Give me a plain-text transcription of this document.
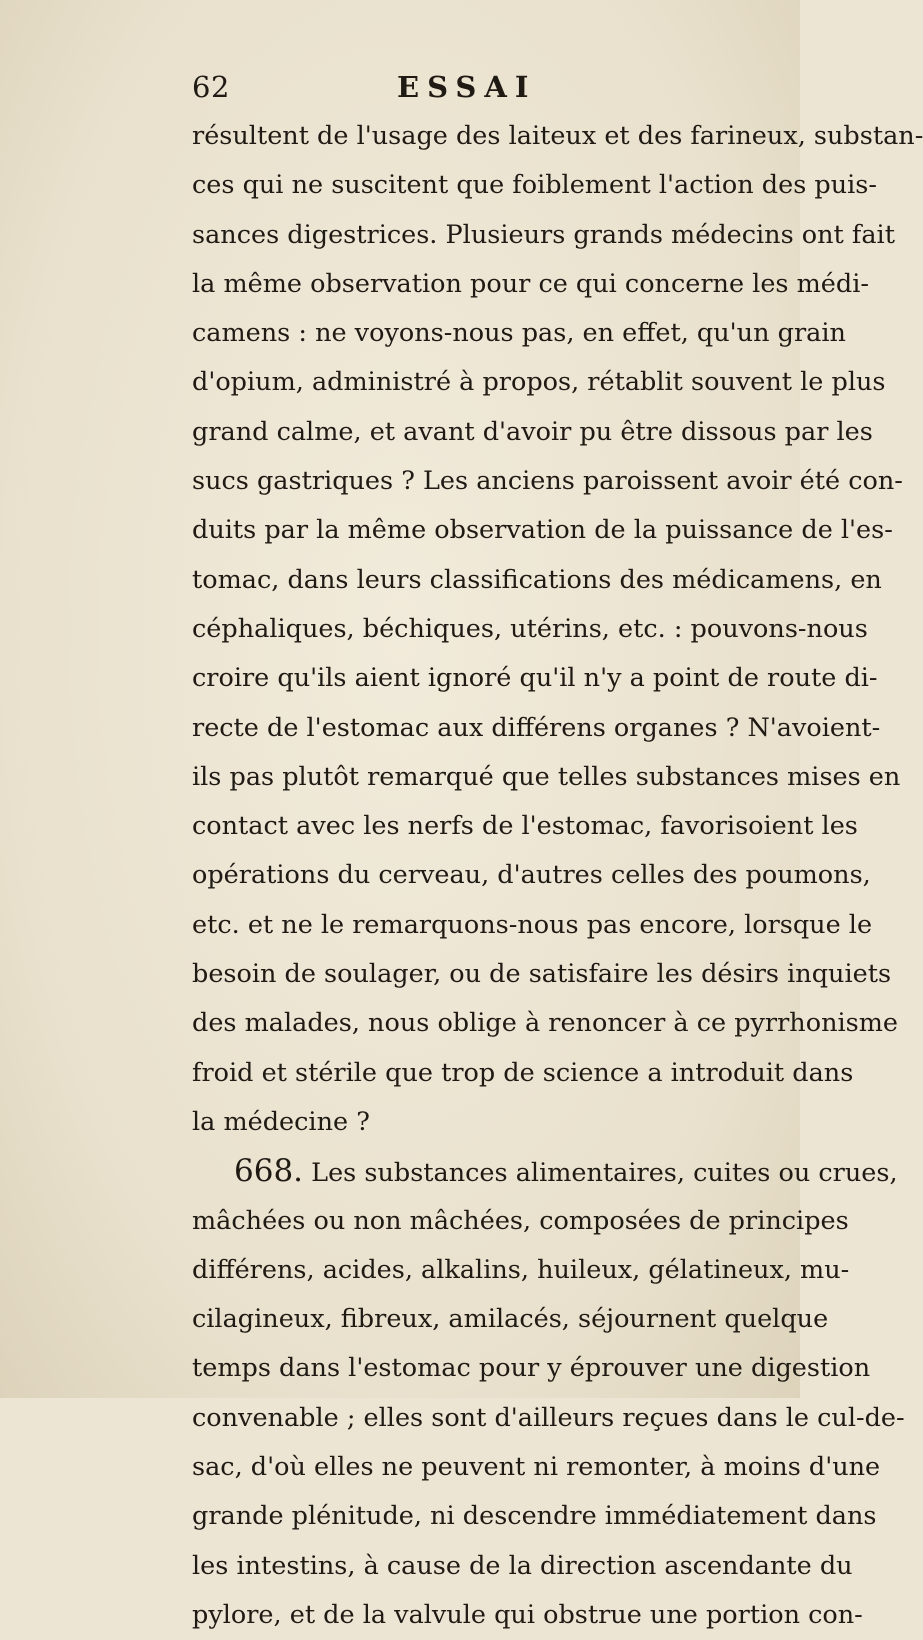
62	ESSAI
résultent de l'usage des laiteux et des farineux, substan-
ces qui ne suscitent que foiblement l'action des puis-
sances digestrices. Plusieurs grands médecins ont fait
la même observation pour ce qui concerne les médi-
camens : ne voyons-nous pas, en effet, qu'un grain
d'opium, administré à propos, rétablit souvent le plus
grand calme, et avant d'avoir pu être dissous par les
sucs gastriques ? Les anciens paroissent avoir été con-
duits par la même observation de la puissance de l'es-
tomac, dans leurs classifications des médicamens, en
céphaliques, béchiques, utérins, etc. : pouvons-nous
croire qu'ils aient ignoré qu'il n'y a point de route di-
recte de l'estomac aux différens organes ? N'avoient-
ils pas plutôt remarqué que telles substances mises en
contact avec les nerfs de l'estomac, favorisoient les
opérations du cerveau, d'autres celles des poumons,
etc. et ne le remarquons-nous pas encore, lorsque le
besoin de soulager, ou de satisfaire les désirs inquiets
des malades, nous oblige à renoncer à ce pyrrhonisme
froid et stérile que trop de science a introduit dans
la médecine ?
668. Les substances alimentaires, cuites ou crues,
mâchées ou non mâchées, composées de principes
différens, acides, alkalins, huileux, gélatineux, mu-
cilagineux, fibreux, amilacés, séjournent quelque
temps dans l'estomac pour y éprouver une digestion
convenable ; elles sont d'ailleurs reçues dans le cul-de-
sac, d'où elles ne peuvent ni remonter, à moins d'une
grande plénitude, ni descendre immédiatement dans
les intestins, à cause de la direction ascendante du
pylore, et de la valvule qui obstrue une portion con-
